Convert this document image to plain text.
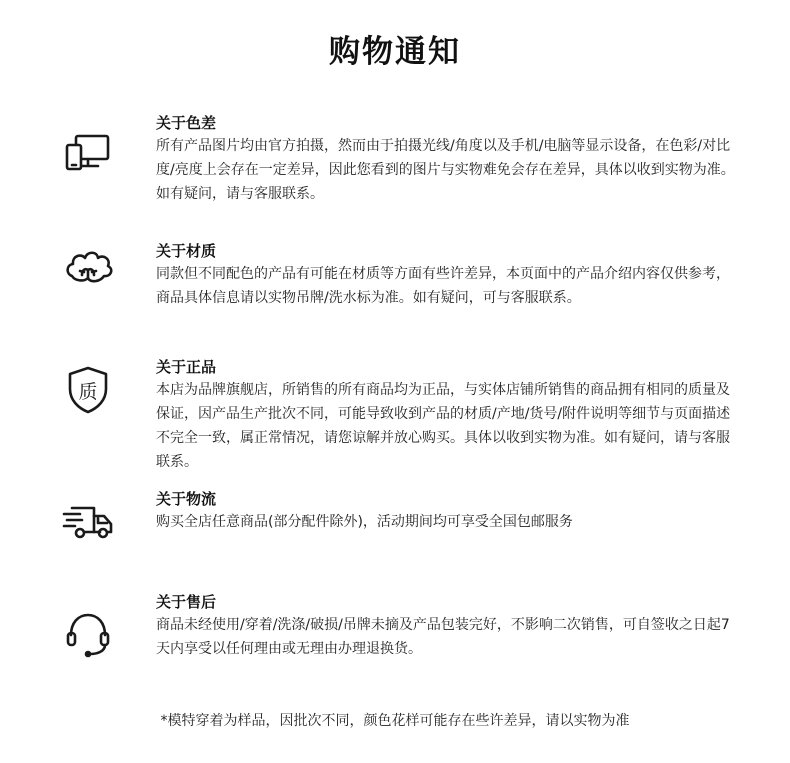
购物通知
关于色差
所有产品图片均由官方拍摄，然而由于拍摄光线/角度以及手机/电脑等显示设备，在色彩/对比度/亮度上会存在一定差异，因此您看到的图片与实物难免会存在差异，具体以收到实物为准。如有疑问，请与客服联系。
关于材质
同款但不同配色的产品有可能在材质等方面有些许差异，本页面中的产品介绍内容仅供参考，商品具体信息请以实物吊牌/洗水标为准。如有疑问，可与客服联系。
质
关于正品
本店为品牌旗舰店，所销售的所有商品均为正品，与实体店铺所销售的商品拥有相同的质量及保证，因产品生产批次不同，可能导致收到产品的材质/产地/货号/附件说明等细节与页面描述不完全一致，属正常情况，请您谅解并放心购买。具体以收到实物为准。如有疑问，请与客服联系。
关于物流
购买全店任意商品(部分配件除外)，活动期间均可享受全国包邮服务
关于售后
商品未经使用/穿着/洗涤/破损/吊牌未摘及产品包装完好，不影响二次销售，可自签收之日起7天内享受以任何理由或无理由办理退换货。
*模特穿着为样品，因批次不同，颜色花样可能存在些许差异，请以实物为准
